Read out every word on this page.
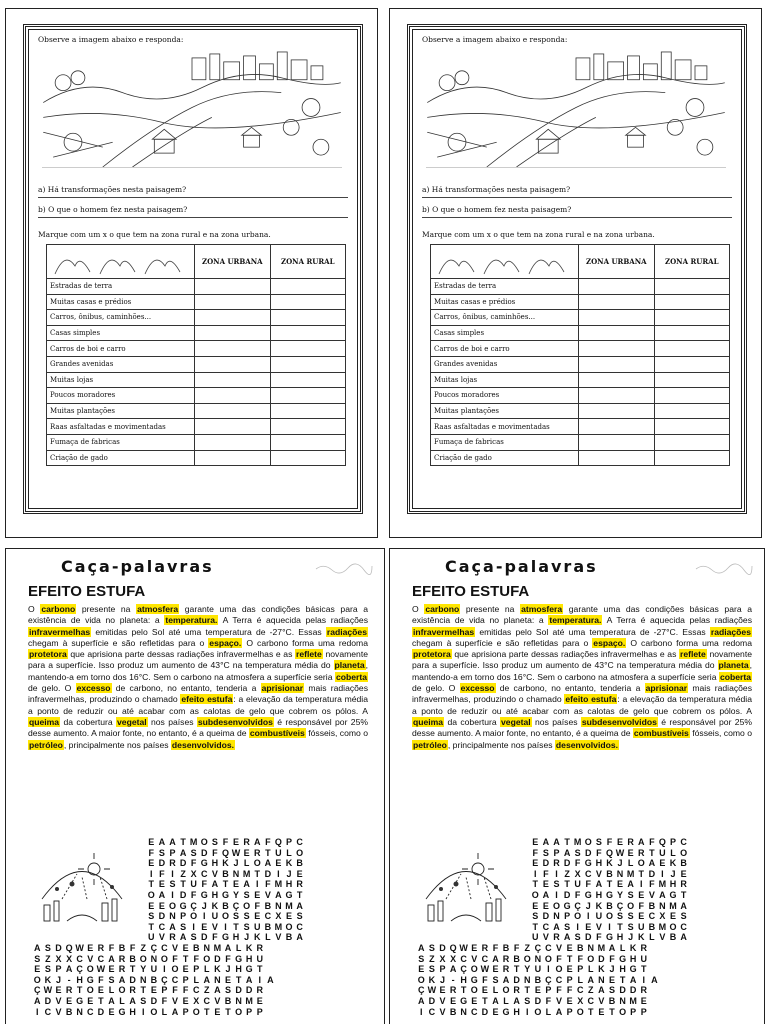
Observe a imagem abaixo e responda:
a) Há transformações nesta paisagem?
b) O que o homem fez nesta paisagem?
Marque com um x o que tem na zona rural e na zona urbana.
	ZONA URBANA	ZONA RURAL
Estradas de terra		
Muitas casas e prédios		
Carros, ônibus, caminhões...		
Casas simples		
Carros de boi e carro		
Grandes avenidas		
Muitas lojas		
Poucos moradores		
Muitas plantações		
Raas asfaltadas e movimentadas		
Fumaça de fabricas		
Criação de gado		
Observe a imagem abaixo e responda:
a) Há transformações nesta paisagem?
b) O que o homem fez nesta paisagem?
Marque com um x o que tem na zona rural e na zona urbana.
	ZONA URBANA	ZONA RURAL
Estradas de terra		
Muitas casas e prédios		
Carros, ônibus, caminhões...		
Casas simples		
Carros de boi e carro		
Grandes avenidas		
Muitas lojas		
Poucos moradores		
Muitas plantações		
Raas asfaltadas e movimentadas		
Fumaça de fabricas		
Criação de gado		
Caça-palavras
EFEITO ESTUFA
O carbono presente na atmosfera garante uma das condições básicas para a existência de vida no planeta: a temperatura. A Terra é aquecida pelas radiações infravermelhas emitidas pelo Sol até uma temperatura de -27°C. Essas radiações chegam à superfície e são refletidas para o espaço. O carbono forma uma redoma protetora que aprisiona parte dessas radiações infravermelhas e as reflete novamente para a superfície. Isso produz um aumento de 43°C na temperatura média do planeta, mantendo-a em torno dos 16°C. Sem o carbono na atmosfera a superfície seria coberta de gelo. O excesso de carbono, no entanto, tenderia a aprisionar mais radiações infravermelhas, produzindo o chamado efeito estufa: a elevação da temperatura média a ponto de reduzir ou até acabar com as calotas de gelo que cobrem os pólos. A queima da cobertura vegetal nos países subdesenvolvidos é responsável por 25% desse aumento. A maior fonte, no entanto, é a queima de combustíveis fósseis, como o petróleo, principalmente nos países desenvolvidos.
E A A T M O S F E R A F Q P C
F S P A S D F Q W E R T U L O
E D R D F G H K J L O A E K B
I F I Z X C V B N M T D I J E
T E S T U F A T E A I F M H R
O A I D F G H G Y S E V A G T
E E O G Ç J K B Ç O F B N M A
S D N P O I U O S S E C X E S
T C A S I E V I T S U B M O C
U V R A S D F G H J K L V B A
A S D Q W E R F B F Z Ç C V E B N M A L K R
S Z X X C V C A R B O N O F T F O D F G H U
E S P A Ç O W E R T Y U I O E P L K J H G T
O K J - H G F S A D N B Ç C P L A N E T A I A
Ç W E R T O E L O R T E P F F C Z A S D D R
A D V E G E T A L A S D F V E X C V B N M E
I C V B N C D E G H I O L A P O T E T O P P
Caça-palavras
EFEITO ESTUFA
O carbono presente na atmosfera garante uma das condições básicas para a existência de vida no planeta: a temperatura. A Terra é aquecida pelas radiações infravermelhas emitidas pelo Sol até uma temperatura de -27°C. Essas radiações chegam à superfície e são refletidas para o espaço. O carbono forma uma redoma protetora que aprisiona parte dessas radiações infravermelhas e as reflete novamente para a superfície. Isso produz um aumento de 43°C na temperatura média do planeta, mantendo-a em torno dos 16°C. Sem o carbono na atmosfera a superfície seria coberta de gelo. O excesso de carbono, no entanto, tenderia a aprisionar mais radiações infravermelhas, produzindo o chamado efeito estufa: a elevação da temperatura média a ponto de reduzir ou até acabar com as calotas de gelo que cobrem os pólos. A queima da cobertura vegetal nos países subdesenvolvidos é responsável por 25% desse aumento. A maior fonte, no entanto, é a queima de combustíveis fósseis, como o petróleo, principalmente nos países desenvolvidos.
E A A T M O S F E R A F Q P C
F S P A S D F Q W E R T U L O
E D R D F G H K J L O A E K B
I F I Z X C V B N M T D I J E
T E S T U F A T E A I F M H R
O A I D F G H G Y S E V A G T
E E O G Ç J K B Ç O F B N M A
S D N P O I U O S S E C X E S
T C A S I E V I T S U B M O C
U V R A S D F G H J K L V B A
A S D Q W E R F B F Z Ç C V E B N M A L K R
S Z X X C V C A R B O N O F T F O D F G H U
E S P A Ç O W E R T Y U I O E P L K J H G T
O K J - H G F S A D N B Ç C P L A N E T A I A
Ç W E R T O E L O R T E P F F C Z A S D D R
A D V E G E T A L A S D F V E X C V B N M E
I C V B N C D E G H I O L A P O T E T O P P
